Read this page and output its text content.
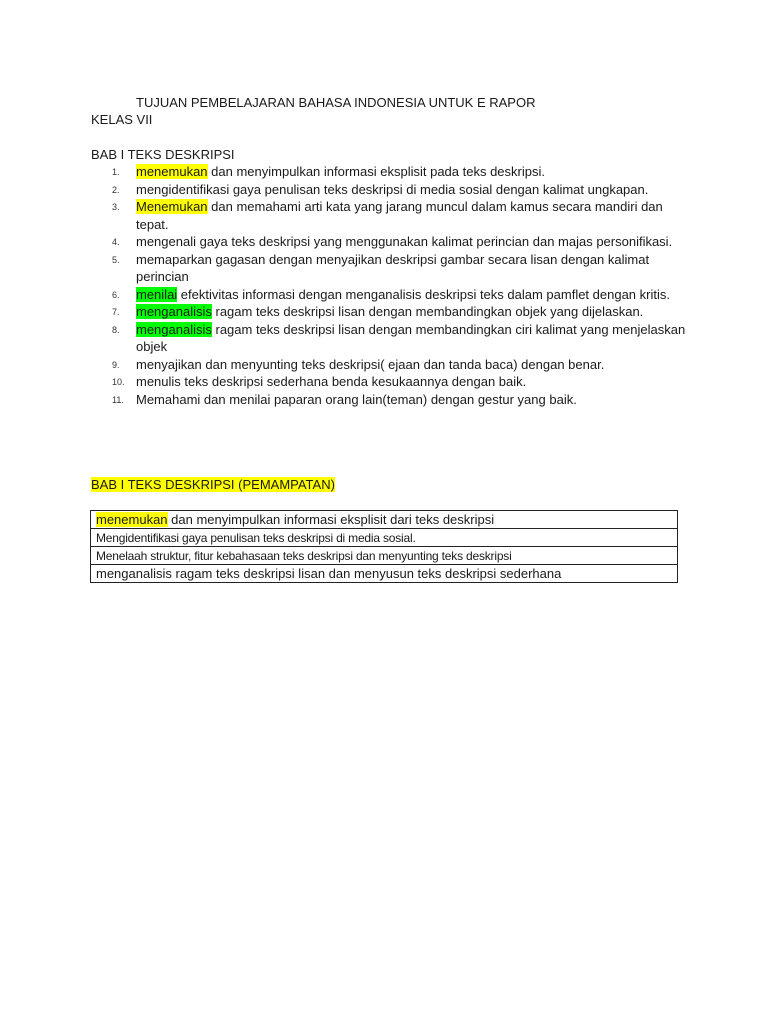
TUJUAN PEMBELAJARAN BAHASA INDONESIA UNTUK E RAPOR
KELAS VII
BAB I TEKS DESKRIPSI
1. menemukan dan menyimpulkan informasi eksplisit pada teks deskripsi.
2. mengidentifikasi gaya penulisan teks deskripsi di media sosial dengan kalimat ungkapan.
3. Menemukan dan memahami arti kata yang jarang muncul dalam kamus secara mandiri dan tepat.
4. mengenali gaya teks deskripsi yang menggunakan kalimat perincian dan majas personifikasi.
5. memaparkan gagasan dengan menyajikan deskripsi gambar secara lisan dengan kalimat perincian
6. menilai efektivitas informasi dengan menganalisis deskripsi teks dalam pamflet dengan kritis.
7. menganalisis ragam teks deskripsi lisan dengan membandingkan objek yang dijelaskan.
8. menganalisis ragam teks deskripsi lisan dengan membandingkan ciri kalimat yang menjelaskan objek
9. menyajikan dan menyunting teks deskripsi( ejaan dan tanda baca) dengan benar.
10. menulis teks deskripsi sederhana benda kesukaannya dengan baik.
11. Memahami dan menilai paparan orang lain(teman) dengan gestur yang baik.
BAB I TEKS DESKRIPSI (PEMAMPATAN)
menemukan dan menyimpulkan informasi eksplisit dari teks deskripsi
Mengidentifikasi gaya penulisan teks deskripsi di media sosial.
Menelaah struktur, fitur kebahasaan teks deskripsi dan menyunting teks deskripsi
menganalisis ragam teks deskripsi lisan dan menyusun teks deskripsi sederhana
